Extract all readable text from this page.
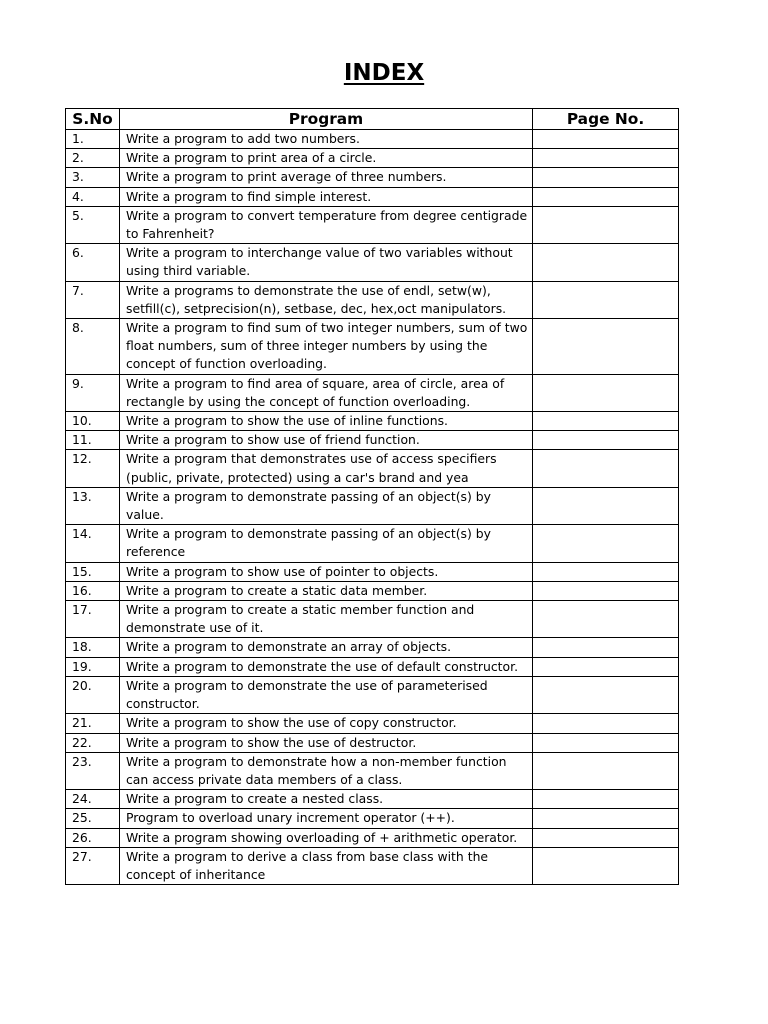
INDEX
S.No	Program	Page No.
1.	Write a program to add two numbers.	
2.	Write a program to print area of a circle.	
3.	Write a program to print average of three numbers.	
4.	Write a program to find simple interest.	
5.	Write a program to convert temperature from degree centigrade to Fahrenheit?	
6.	Write a program to interchange value of two variables without using third variable.	
7.	Write a programs to demonstrate the use of endl, setw(w), setfill(c), setprecision(n), setbase, dec, hex,oct manipulators.	
8.	Write a program to find sum of two integer numbers, sum of two float numbers, sum of three integer numbers by using the concept of function overloading.	
9.	Write a program to find area of square, area of circle, area of rectangle by using the concept of function overloading.	
10.	Write a program to show the use of inline functions.	
11.	Write a program to show use of friend function.	
12.	Write a program that demonstrates use of access specifiers (public, private, protected) using a car's brand and yea	
13.	Write a program to demonstrate passing of an object(s) by value.	
14.	Write a program to demonstrate passing of an object(s) by reference	
15.	Write a program to show use of pointer to objects.	
16.	Write a program to create a static data member.	
17.	Write a program to create a static member function and demonstrate use of it.	
18.	Write a program to demonstrate an array of objects.	
19.	Write a program to demonstrate the use of default constructor.	
20.	Write a program to demonstrate the use of parameterised constructor.	
21.	Write a program to show the use of copy constructor.	
22.	Write a program to show the use of destructor.	
23.	Write a program to demonstrate how a non-member function can access private data members of a class.	
24.	Write a program to create a nested class.	
25.	Program to overload unary increment operator (++).	
26.	Write a program showing overloading of + arithmetic operator.	
27.	Write a program to derive a class from base class with the concept of inheritance	
